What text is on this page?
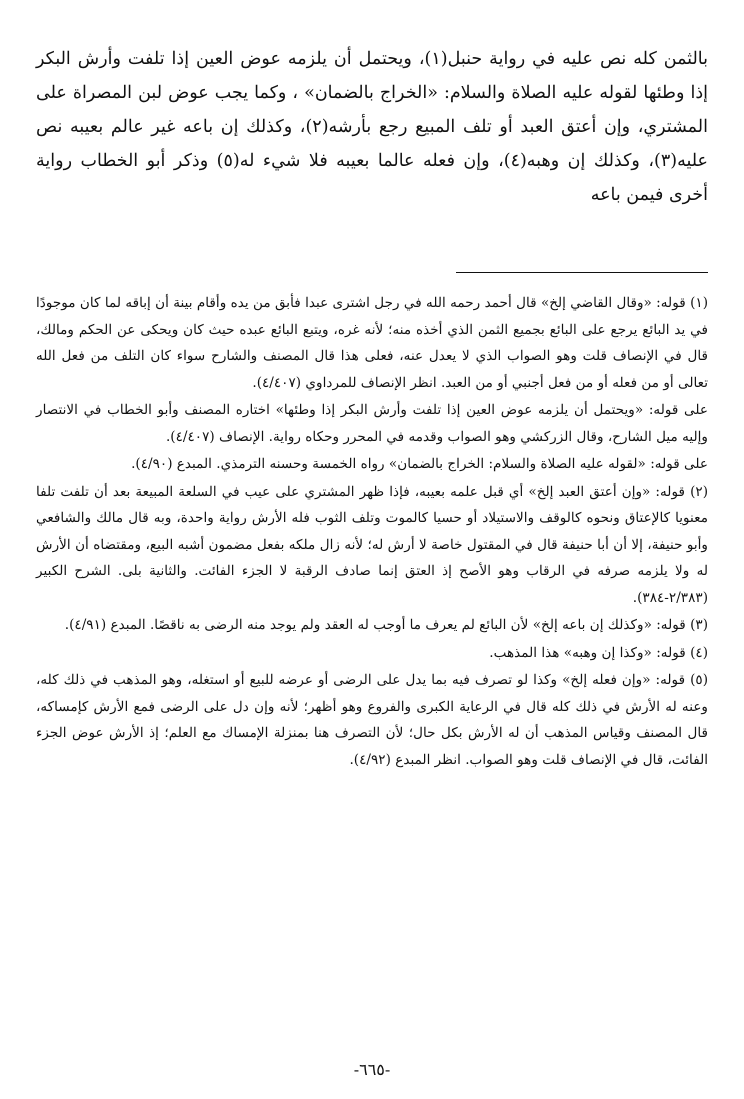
بالثمن كله نص عليه في رواية حنبل(١)، ويحتمل أن يلزمه عوض العين إذا تلفت وأرش البكر إذا وطئها لقوله عليه الصلاة والسلام: «الخراج بالضمان» ، وكما يجب عوض لبن المصراة على المشتري، وإن أعتق العبد أو تلف المبيع رجع بأرشه(٢)، وكذلك إن باعه غير عالم بعيبه نص عليه(٣)، وكذلك إن وهبه(٤)، وإن فعله عالما بعيبه فلا شيء له(٥) وذكر أبو الخطاب رواية أخرى فيمن باعه

(١) قوله: «وقال القاضي إلخ» قال أحمد رحمه الله في رجل اشترى عبدا فأبق من يده وأقام بينة أن إباقه لما كان موجودًا في يد البائع يرجع على البائع بجميع الثمن الذي أخذه منه؛ لأنه غره، ويتبع البائع عبده حيث كان ويحكى عن الحكم ومالك، قال في الإنصاف قلت وهو الصواب الذي لا يعدل عنه، فعلى هذا قال المصنف والشارح سواء كان التلف من فعل الله تعالى أو من فعله أو من فعل أجنبي أو من العبد. انظر الإنصاف للمرداوي (٤/٤٠٧).

على قوله: «ويحتمل أن يلزمه عوض العين إذا تلفت وأرش البكر إذا وطئها» اختاره المصنف وأبو الخطاب في الانتصار وإليه ميل الشارح، وقال الزركشي وهو الصواب وقدمه في المحرر وحكاه رواية. الإنصاف (٤/٤٠٧).

على قوله: «لقوله عليه الصلاة والسلام: الخراج بالضمان» رواه الخمسة وحسنه الترمذي. المبدع (٤/٩٠).

(٢) قوله: «وإن أعتق العبد إلخ» أي قبل علمه بعيبه، فإذا ظهر المشتري على عيب في السلعة المبيعة بعد أن تلفت تلفا معنويا كالإعتاق ونحوه كالوقف والاستيلاد أو حسيا كالموت وتلف الثوب فله الأرش رواية واحدة، وبه قال مالك والشافعي وأبو حنيفة، إلا أن أبا حنيفة قال في المقتول خاصة لا أرش له؛ لأنه زال ملكه بفعل مضمون أشبه البيع، ومقتضاه أن الأرش له ولا يلزمه صرفه في الرقاب وهو الأصح إذ العتق إنما صادف الرقبة لا الجزء الفائت. والثانية بلى. الشرح الكبير (٢/٣٨٣-٣٨٤).

(٣) قوله: «وكذلك إن باعه إلخ» لأن البائع لم يعرف ما أوجب له العقد ولم يوجد منه الرضى به ناقصًا. المبدع (٤/٩١).

(٤) قوله: «وكذا إن وهبه» هذا المذهب.

(٥) قوله: «وإن فعله إلخ» وكذا لو تصرف فيه بما يدل على الرضى أو عرضه للبيع أو استغله، وهو المذهب في ذلك كله، وعنه له الأرش في ذلك كله قال في الرعاية الكبرى والفروع وهو أظهر؛ لأنه وإن دل على الرضى فمع الأرش كإمساكه، قال المصنف وقياس المذهب أن له الأرش بكل حال؛ لأن التصرف هنا بمنزلة الإمساك مع العلم؛ إذ الأرش عوض الجزء الفائت، قال في الإنصاف قلت وهو الصواب. انظر المبدع (٤/٩٢).

-٦٦٥-
